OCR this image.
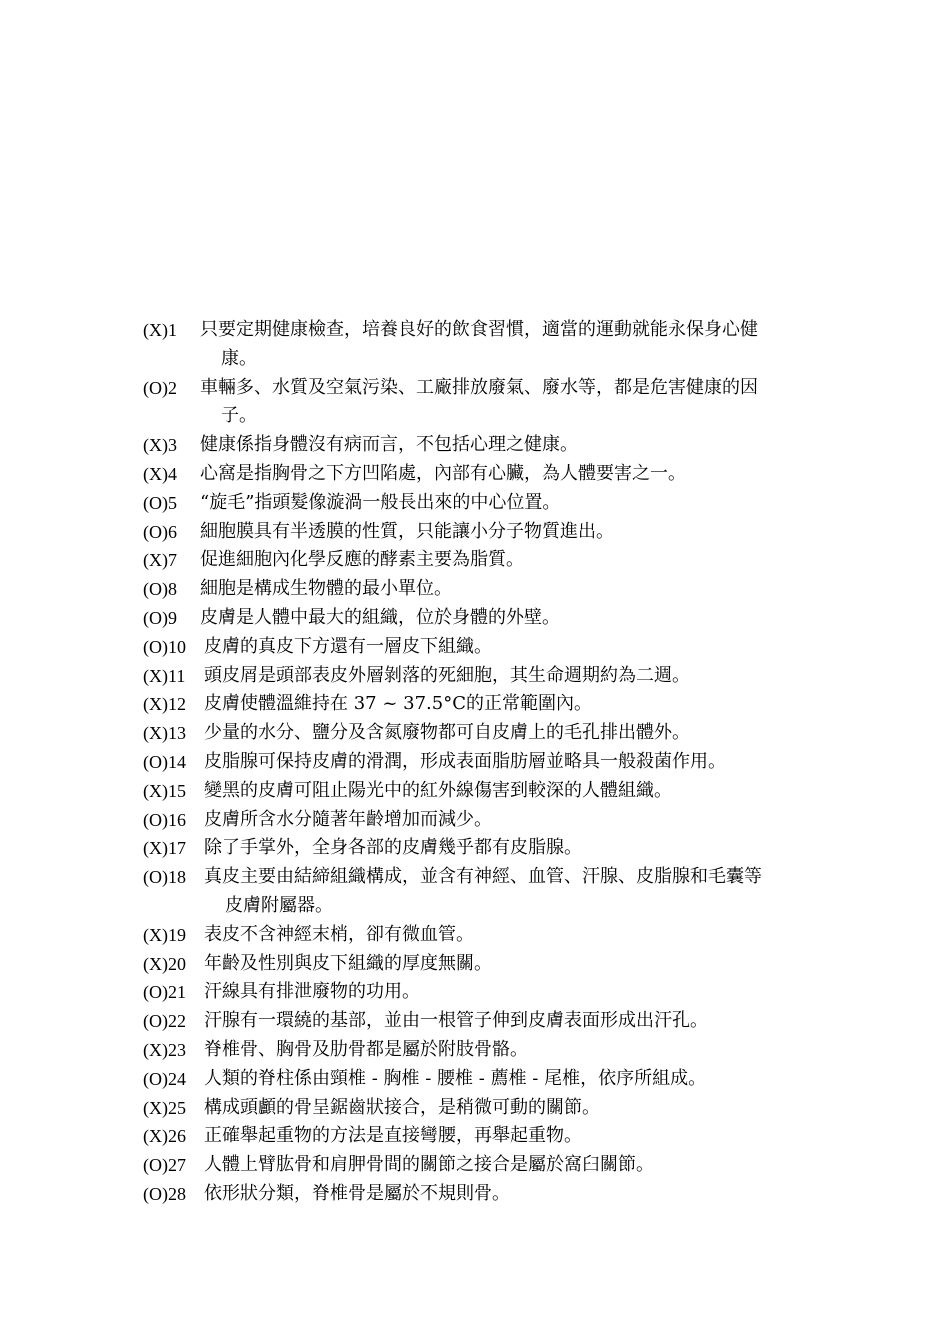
(X)1	只要定期健康檢查，培養良好的飲食習慣，適當的運動就能永保身心健
康。
(O)2	車輛多、水質及空氣污染、工廠排放廢氣、廢水等，都是危害健康的因
子。
(X)3	健康係指身體沒有病而言，不包括心理之健康。
(X)4	心窩是指胸骨之下方凹陷處，內部有心臟，為人體要害之一。
(O)5	“旋毛”指頭髮像漩渦一般長出來的中心位置。
(O)6	細胞膜具有半透膜的性質，只能讓小分子物質進出。
(X)7	促進細胞內化學反應的酵素主要為脂質。
(O)8	細胞是構成生物體的最小單位。
(O)9	皮膚是人體中最大的組織，位於身體的外壁。
(O)10	皮膚的真皮下方還有一層皮下組織。
(X)11	頭皮屑是頭部表皮外層剝落的死細胞，其生命週期約為二週。
(X)12	皮膚使體溫維持在 37 ~ 37.5°C的正常範圍內。
(X)13	少量的水分、鹽分及含氮廢物都可自皮膚上的毛孔排出體外。
(O)14	皮脂腺可保持皮膚的滑潤，形成表面脂肪層並略具一般殺菌作用。
(X)15	變黑的皮膚可阻止陽光中的紅外線傷害到較深的人體組織。
(O)16	皮膚所含水分隨著年齡增加而減少。
(X)17	除了手掌外，全身各部的皮膚幾乎都有皮脂腺。
(O)18	真皮主要由結締組織構成，並含有神經、血管、汗腺、皮脂腺和毛囊等
皮膚附屬器。
(X)19	表皮不含神經末梢，卻有微血管。
(X)20	年齡及性別與皮下組織的厚度無關。
(O)21	汗線具有排泄廢物的功用。
(O)22	汗腺有一環繞的基部，並由一根管子伸到皮膚表面形成出汗孔。
(X)23	脊椎骨、胸骨及肋骨都是屬於附肢骨骼。
(O)24	人類的脊柱係由頸椎 - 胸椎 - 腰椎 - 薦椎 - 尾椎，依序所組成。
(X)25	構成頭顱的骨呈鋸齒狀接合，是稍微可動的關節。
(X)26	正確舉起重物的方法是直接彎腰，再舉起重物。
(O)27	人體上臂肱骨和肩胛骨間的關節之接合是屬於窩臼關節。
(O)28	依形狀分類，脊椎骨是屬於不規則骨。
